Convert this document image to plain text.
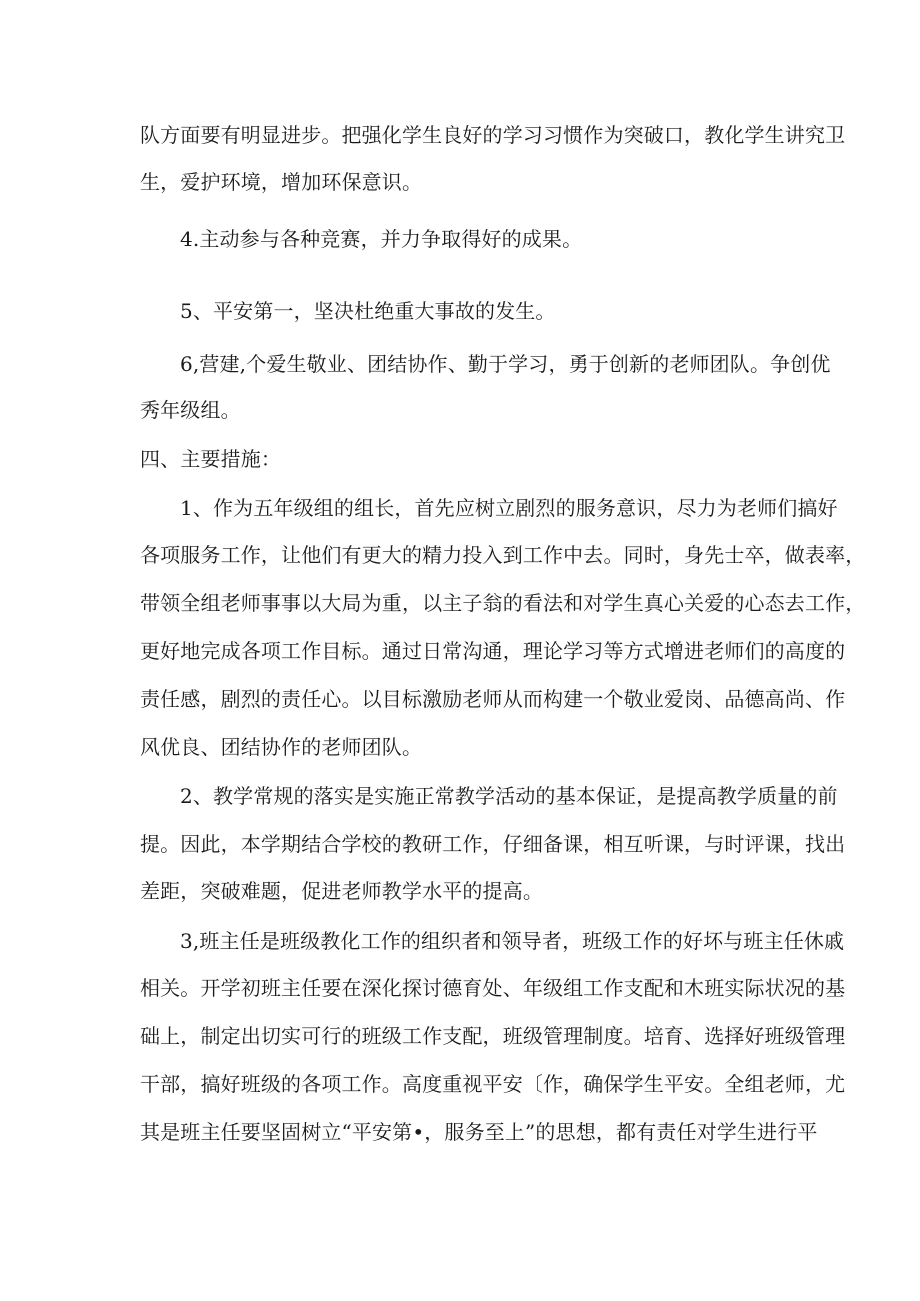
队方面要有明显进步。把强化学生良好的学习习惯作为突破口，教化学生讲究卫
生，爱护环境，增加环保意识。
4.主动参与各种竞赛，并力争取得好的成果。
5、平安第一，坚决杜绝重大事故的发生。
6,营建,个爱生敬业、团结协作、勤于学习，勇于创新的老师团队。争创优
秀年级组。
四、主要措施：
1、作为五年级组的组长，首先应树立剧烈的服务意识，尽力为老师们搞好
各项服务工作，让他们有更大的精力投入到工作中去。同时，身先士卒，做表率，
带领全组老师事事以大局为重，以主子翁的看法和对学生真心关爱的心态去工作，
更好地完成各项工作目标。通过日常沟通，理论学习等方式增进老师们的高度的
责任感，剧烈的责任心。以目标激励老师从而构建一个敬业爱岗、品德高尚、作
风优良、团结协作的老师团队。
2、教学常规的落实是实施正常教学活动的基本保证，是提高教学质量的前
提。因此，本学期结合学校的教研工作，仔细备课，相互听课，与时评课，找出
差距，突破难题，促进老师教学水平的提高。
3,班主任是班级教化工作的组织者和领导者，班级工作的好坏与班主任休戚
相关。开学初班主任要在深化探讨德育处、年级组工作支配和木班实际状况的基
础上，制定出切实可行的班级工作支配，班级管理制度。培育、选择好班级管理
干部，搞好班级的各项工作。高度重视平安〔作，确保学生平安。全组老师，尤
其是班主任要坚固树立“平安第•，服务至上”的思想，都有责任对学生进行平
